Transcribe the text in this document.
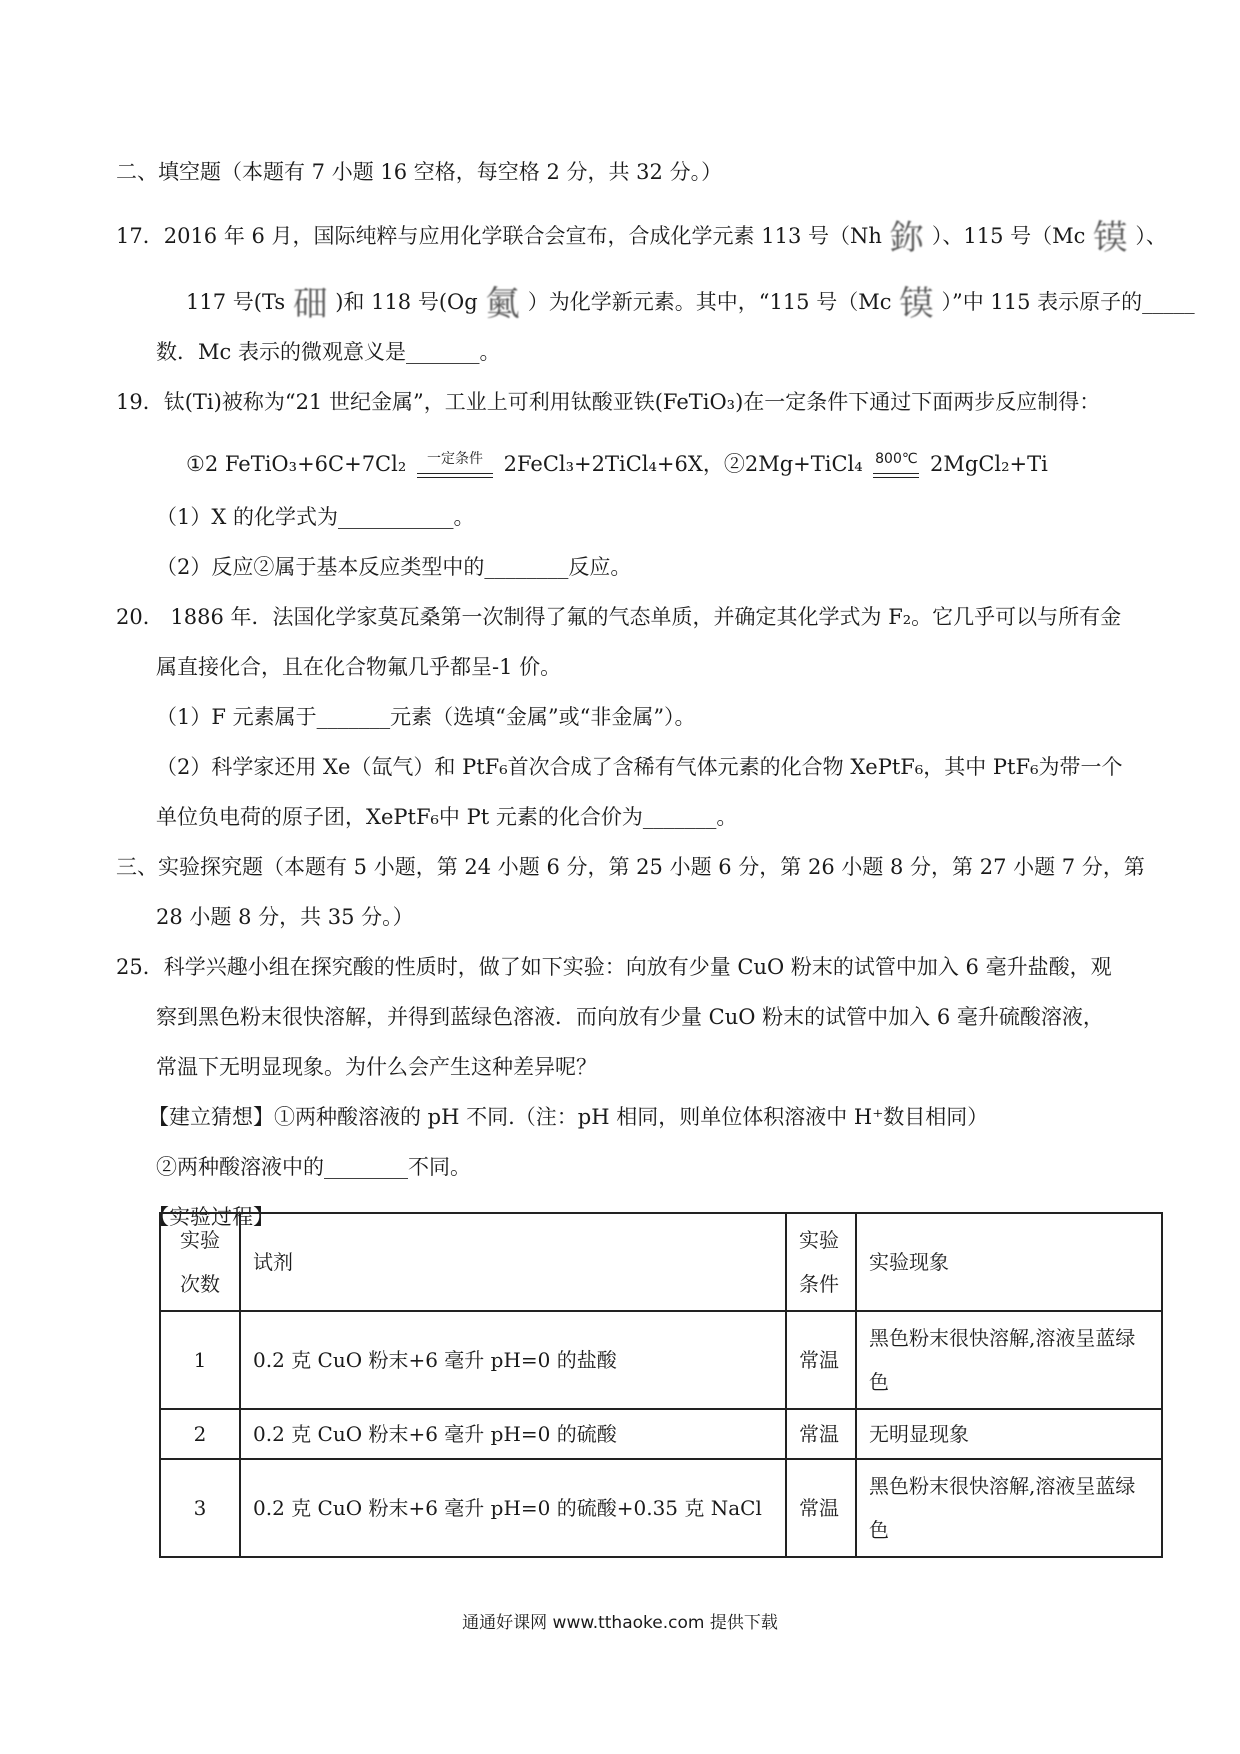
二、填空题（本题有 7 小题 16 空格，每空格 2 分，共 32 分。）
17．2016 年 6 月，国际纯粹与应用化学联合会宣布，合成化学元素 113 号（Nh 鉨 ）、115 号（Mc 镆 ）、
117 号(Ts 鿬 )和 118 号(Og 鿫 ）为化学新元素。其中，“115 号（Mc 镆 ）”中 115 表示原子的_____
数．Mc 表示的微观意义是_______。
19．钛(Ti)被称为“21 世纪金属”，工业上可利用钛酸亚铁(FeTiO₃)在一定条件下通过下面两步反应制得：
①2 FeTiO₃+6C+7Cl₂	一定条件 2FeCl₃+2TiCl₄+6X，②2Mg+TiCl₄ 800℃ 2MgCl₂+Ti
（1）X 的化学式为___________。
（2）反应②属于基本反应类型中的________反应。
20． 1886 年．法国化学家莫瓦桑第一次制得了氟的气态单质，并确定其化学式为 F₂。它几乎可以与所有金
属直接化合，且在化合物氟几乎都呈-1 价。
（1）F 元素属于_______元素（选填“金属”或“非金属”）。
（2）科学家还用 Xe（氙气）和 PtF₆首次合成了含稀有气体元素的化合物 XePtF₆，其中 PtF₆为带一个
单位负电荷的原子团，XePtF₆中 Pt 元素的化合价为_______。
三、实验探究题（本题有 5 小题，第 24 小题 6 分，第 25 小题 6 分，第 26 小题 8 分，第 27 小题 7 分，第
28 小题 8 分，共 35 分。）
25．科学兴趣小组在探究酸的性质时，做了如下实验：向放有少量 CuO 粉末的试管中加入 6 毫升盐酸，观
察到黑色粉末很快溶解，并得到蓝绿色溶液．而向放有少量 CuO 粉末的试管中加入 6 毫升硫酸溶液，
常温下无明显现象。为什么会产生这种差异呢？
【建立猜想】①两种酸溶液的 pH 不同.（注：pH 相同，则单位体积溶液中 H⁺数目相同）
②两种酸溶液中的________不同。
【实验过程】
实验次数	试剂	实验条件	实验现象
1	0.2 克 CuO 粉末+6 毫升 pH=0 的盐酸	常温	黑色粉末很快溶解,溶液呈蓝绿色
2	0.2 克 CuO 粉末+6 毫升 pH=0 的硫酸	常温	无明显现象
3	0.2 克 CuO 粉末+6 毫升 pH=0 的硫酸+0.35 克 NaCl	常温	黑色粉末很快溶解,溶液呈蓝绿色
通通好课网 www.tthaoke.com 提供下载
